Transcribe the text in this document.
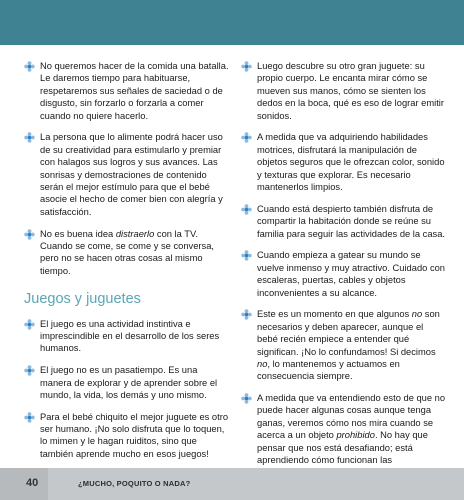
No queremos hacer de la comida una batalla. Le daremos tiempo para habituarse, respetaremos sus señales de saciedad o de disgusto, sin forzarlo o forzarla a comer cuando no quiere hacerlo.

La persona que lo alimente podrá hacer uso de su creatividad para estimularlo y premiar con halagos sus logros y sus avances. Las sonrisas y demostraciones de contenido serán el mejor estímulo para que el bebé asocie el hecho de comer bien con alegría y satisfacción.

No es buena idea distraerlo con la TV. Cuando se come, se come y se conversa, pero no se hacen otras cosas al mismo tiempo.

Juegos y juguetes

El juego es una actividad instintiva e imprescindible en el desarrollo de los seres humanos.

El juego no es un pasatiempo. Es una manera de explorar y de aprender sobre el mundo, la vida, los demás y uno mismo.

Para el bebé chiquito el mejor juguete es otro ser humano. ¡No solo disfruta que lo toquen, lo mimen y le hagan ruiditos, sino que también aprende mucho en esos juegos!

Luego descubre su otro gran juguete: su propio cuerpo. Le encanta mirar cómo se mueven sus manos, cómo se sienten los dedos en la boca, qué es eso de lograr emitir sonidos.

A medida que va adquiriendo habilidades motrices, disfrutará la manipulación de objetos seguros que le ofrezcan color, sonido y texturas que explorar. Es necesario mantenerlos limpios.

Cuando está despierto también disfruta de compartir la habitación donde se reúne su familia para seguir las actividades de la casa.

Cuando empieza a gatear su mundo se vuelve inmenso y muy atractivo. Cuidado con escaleras, puertas, cables y objetos inconvenientes a su alcance.

Este es un momento en que algunos no son necesarios y deben aparecer, aunque el bebé recién empiece a entender qué significan. ¡No lo confundamos! Si decimos no, lo mantenemos y actuamos en consecuencia siempre.

A medida que va entendiendo esto de que no puede hacer algunas cosas aunque tenga ganas, veremos cómo nos mira cuando se acerca a un objeto prohibido. No hay que pensar que nos está desafiando; está aprendiendo cómo funcionan las

40	¿MUCHO, POQUITO O NADA?
